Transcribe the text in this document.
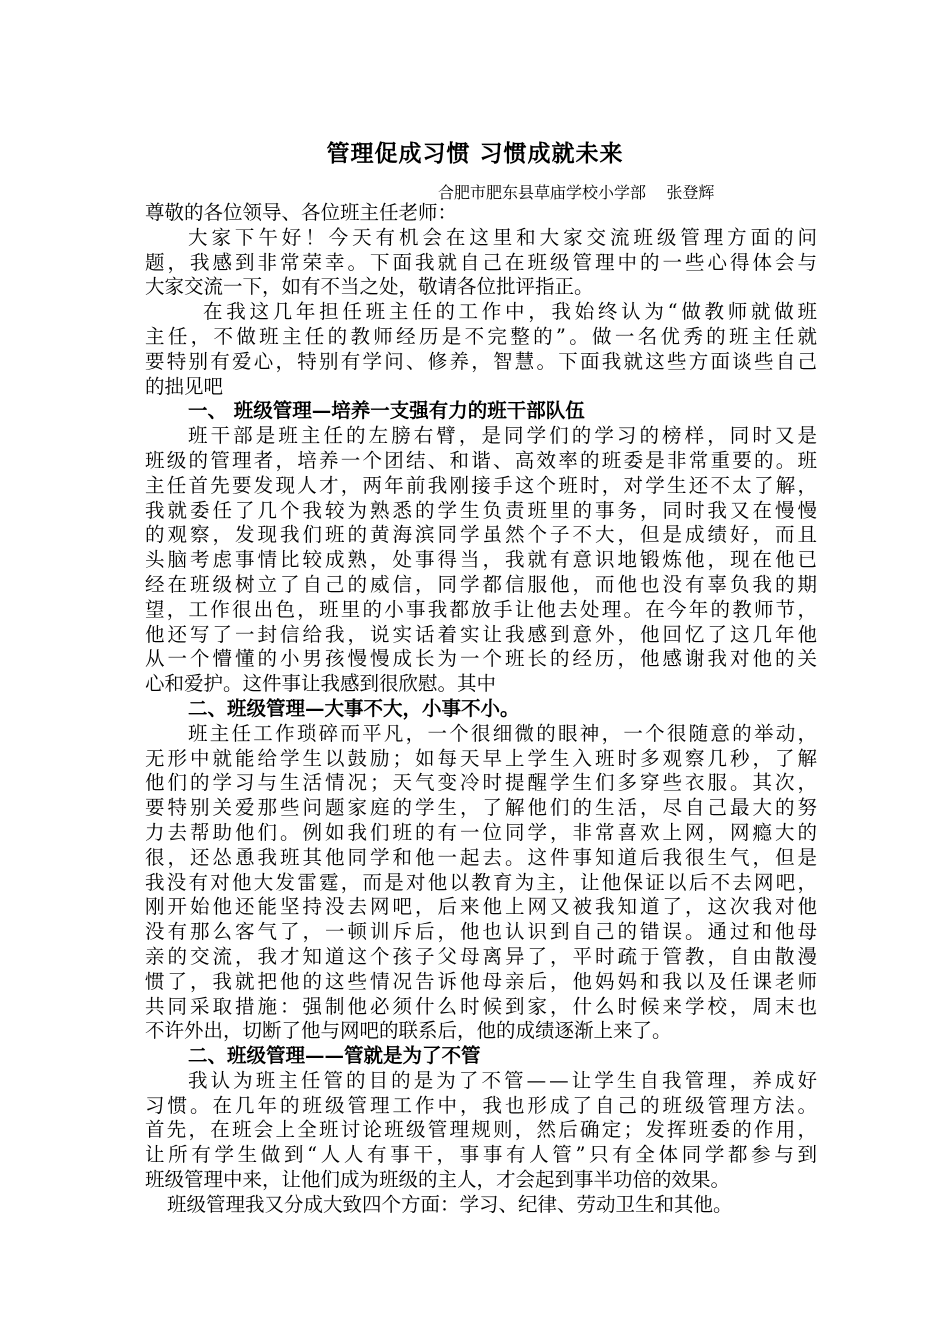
管理促成习惯 习惯成就未来
合肥市肥东县草庙学校小学部    张登辉
尊敬的各位领导、各位班主任老师：
大家下午好！今天有机会在这里和大家交流班级管理方面的问
题，我感到非常荣幸。下面我就自己在班级管理中的一些心得体会与
大家交流一下，如有不当之处，敬请各位批评指正。
在我这几年担任班主任的工作中，我始终认为“做教师就做班
主任，不做班主任的教师经历是不完整的”。做一名优秀的班主任就
要特别有爱心，特别有学问、修养，智慧。下面我就这些方面谈些自己
的拙见吧
一、 班级管理—培养一支强有力的班干部队伍
班干部是班主任的左膀右臂，是同学们的学习的榜样，同时又是
班级的管理者，培养一个团结、和谐、高效率的班委是非常重要的。班
主任首先要发现人才，两年前我刚接手这个班时，对学生还不太了解，
我就委任了几个我较为熟悉的学生负责班里的事务，同时我又在慢慢
的观察，发现我们班的黄海滨同学虽然个子不大，但是成绩好，而且
头脑考虑事情比较成熟，处事得当，我就有意识地锻炼他，现在他已
经在班级树立了自己的威信，同学都信服他，而他也没有辜负我的期
望，工作很出色，班里的小事我都放手让他去处理。在今年的教师节，
他还写了一封信给我，说实话着实让我感到意外，他回忆了这几年他
从一个懵懂的小男孩慢慢成长为一个班长的经历，他感谢我对他的关
心和爱护。这件事让我感到很欣慰。其中
二、班级管理—大事不大，小事不小。
班主任工作琐碎而平凡，一个很细微的眼神，一个很随意的举动，
无形中就能给学生以鼓励；如每天早上学生入班时多观察几秒，了解
他们的学习与生活情况；天气变冷时提醒学生们多穿些衣服。其次，
要特别关爱那些问题家庭的学生，了解他们的生活，尽自己最大的努
力去帮助他们。例如我们班的有一位同学，非常喜欢上网，网瘾大的
很，还怂恿我班其他同学和他一起去。这件事知道后我很生气，但是
我没有对他大发雷霆，而是对他以教育为主，让他保证以后不去网吧，
刚开始他还能坚持没去网吧，后来他上网又被我知道了，这次我对他
没有那么客气了，一顿训斥后，他也认识到自己的错误。通过和他母
亲的交流，我才知道这个孩子父母离异了，平时疏于管教，自由散漫
惯了，我就把他的这些情况告诉他母亲后，他妈妈和我以及任课老师
共同采取措施：强制他必须什么时候到家，什么时候来学校，周末也
不许外出，切断了他与网吧的联系后，他的成绩逐渐上来了。
二、班级管理——管就是为了不管
我认为班主任管的目的是为了不管——让学生自我管理，养成好
习惯。在几年的班级管理工作中，我也形成了自己的班级管理方法。
首先，在班会上全班讨论班级管理规则，然后确定；发挥班委的作用，
让所有学生做到“人人有事干，事事有人管”只有全体同学都参与到
班级管理中来，让他们成为班级的主人，才会起到事半功倍的效果。
班级管理我又分成大致四个方面：学习、纪律、劳动卫生和其他。
